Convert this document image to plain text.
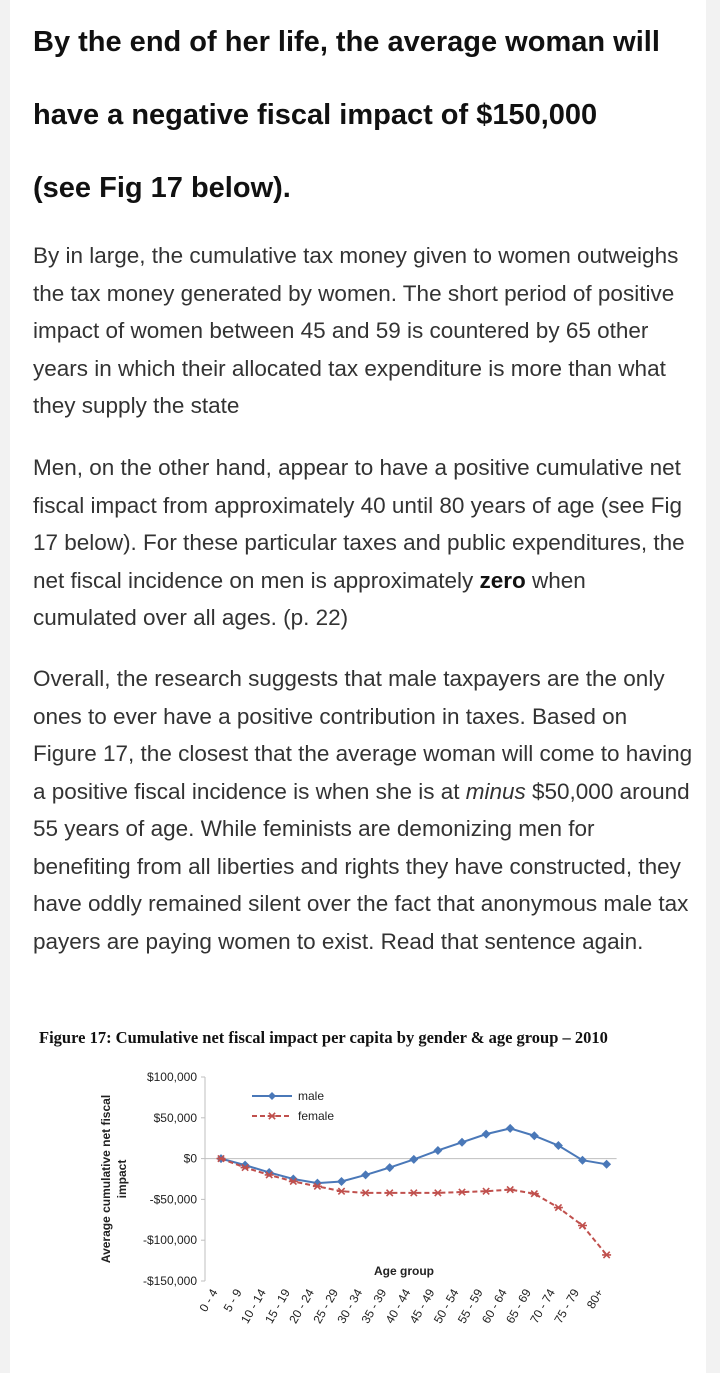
By the end of her life, the average woman will
have a negative fiscal impact of $150,000
(see Fig 17 below).

By in large, the cumulative tax money given to women outweighs the tax money generated by women. The short period of positive impact of women between 45 and 59 is countered by 65 other years in which their allocated tax expenditure is more than what they supply the state

Men, on the other hand, appear to have a positive cumulative net fiscal impact from approximately 40 until 80 years of age (see Fig 17 below). For these particular taxes and public expenditures, the net fiscal incidence on men is approximately zero when cumulated over all ages. (p. 22)

Overall, the research suggests that male taxpayers are the only ones to ever have a positive contribution in taxes. Based on Figure 17, the closest that the average woman will come to having a positive fiscal incidence is when she is at minus $50,000 around 55 years of age. While feminists are demonizing men for benefiting from all liberties and rights they have constructed, they have oddly remained silent over the fact that anonymous male tax payers are paying women to exist. Read that sentence again.

Figure 17: Cumulative net fiscal impact per capita by gender & age group – 2010

$100,000
$50,000
$0
-$50,000
-$100,000
-$150,000
Average cumulative net fiscal impact
Age group
0 - 4 5 - 9
10 - 14
15 - 19
20 - 24
25 - 29
30 - 34
35 - 39
40 - 44
45 - 49
50 - 54
55 - 59
60 - 64
65 - 69
70 - 74
75 - 79 80+
male
female
